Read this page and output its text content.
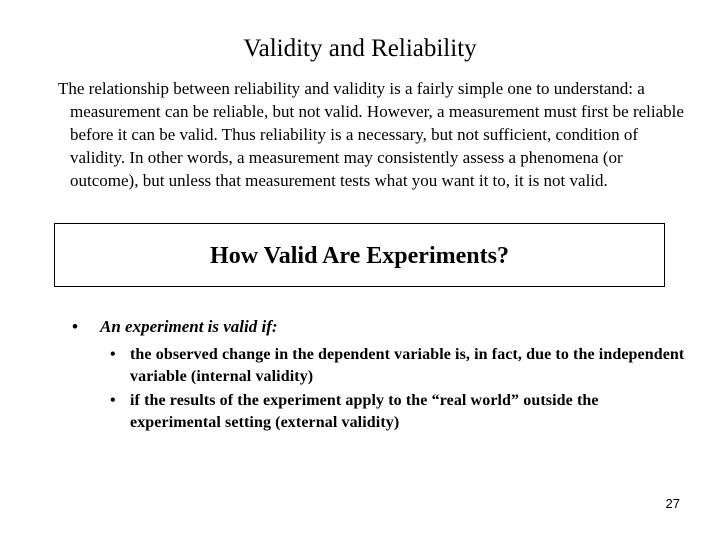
Validity and Reliability
The relationship between reliability and validity is a fairly simple one to understand: a measurement can be reliable, but not valid. However, a measurement must first be reliable before it can be valid. Thus reliability is a necessary, but not sufficient, condition of validity. In other words, a measurement may consistently assess a phenomena (or outcome), but unless that measurement tests what you want it to, it is not valid.
How Valid Are Experiments?
•	An experiment is valid if:
• the observed change in the dependent variable is, in fact, due to the independent variable (internal validity)
• if the results of the experiment apply to the “real world” outside the experimental setting (external validity)
27
